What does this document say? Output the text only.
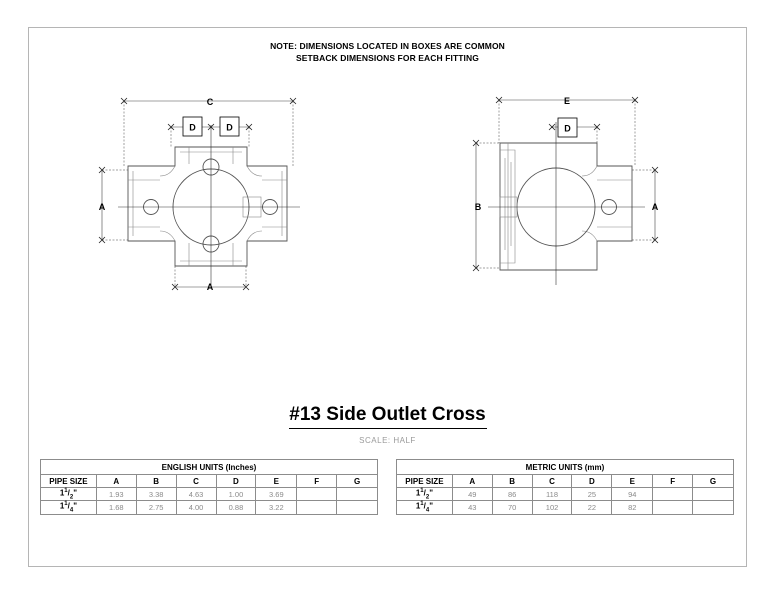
NOTE: DIMENSIONS LOCATED IN BOXES ARE COMMON
SETBACK DIMENSIONS FOR EACH FITTING
C
D	D
A
A
E
D
B	A
#13 Side Outlet Cross
SCALE: HALF
ENGLISH UNITS (Inches)							
PIPE SIZE	A	B	C	D	E	F	G
$1^1/_2$"	1.93	3.38	4.63	1.00	3.69		
$1^1/_4$"	1.68	2.75	4.00	0.88	3.22		
METRIC UNITS (mm)							
PIPE SIZE	A	B	C	D	E	F	G
$1^1/_2$"	49	86	118	25	94		
$1^1/_4$"	43	70	102	22	82		
